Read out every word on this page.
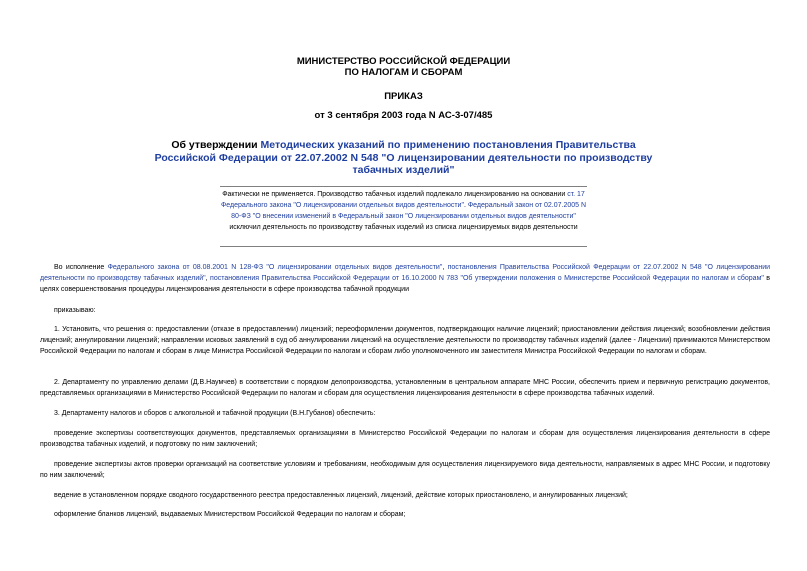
МИНИСТЕРСТВО РОССИЙСКОЙ ФЕДЕРАЦИИ
ПО НАЛОГАМ И СБОРАМ
ПРИКАЗ
от 3 сентября 2003 года N АС-3-07/485
Об утверждении Методических указаний по применению постановления Правительства Российской Федерации от 22.07.2002 N 548 "О лицензировании деятельности по производству табачных изделий"
Фактически не применяется. Производство табачных изделий подлежало лицензированию на основании ст. 17 Федерального закона "О лицензировании отдельных видов деятельности". Федеральный закон от 02.07.2005 N 80-ФЗ "О внесении изменений в Федеральный закон "О лицензировании отдельных видов деятельности" исключил деятельность по производству табачных изделий из списка лицензируемых видов деятельности
Во исполнение Федерального закона от 08.08.2001 N 128-ФЗ "О лицензировании отдельных видов деятельности", постановления Правительства Российской Федерации от 22.07.2002 N 548 "О лицензировании деятельности по производству табачных изделий", постановления Правительства Российской Федерации от 16.10.2000 N 783 "Об утверждении положения о Министерстве Российской Федерации по налогам и сборам" в целях совершенствования процедуры лицензирования деятельности в сфере производства табачной продукции
приказываю:
1. Установить, что решения о: предоставлении (отказе в предоставлении) лицензий; переоформлении документов, подтверждающих наличие лицензий; приостановлении действия лицензий; возобновлении действия лицензий; аннулировании лицензий; направлении исковых заявлений в суд об аннулировании лицензий на осуществление деятельности по производству табачных изделий (далее - Лицензии) принимаются Министерством Российской Федерации по налогам и сборам в лице Министра Российской Федерации по налогам и сборам либо уполномоченного им заместителя Министра Российской Федерации по налогам и сборам.
2. Департаменту по управлению делами (Д.В.Наумчев) в соответствии с порядком делопроизводства, установленным в центральном аппарате МНС России, обеспечить прием и первичную регистрацию документов, представляемых организациями в Министерство Российской Федерации по налогам и сборам для осуществления лицензирования деятельности в сфере производства табачных изделий.
3. Департаменту налогов и сборов с алкогольной и табачной продукции (В.Н.Губанов) обеспечить:
проведение экспертизы соответствующих документов, представляемых организациями в Министерство Российской Федерации по налогам и сборам для осуществления лицензирования деятельности в сфере производства табачных изделий, и подготовку по ним заключений;
проведение экспертизы актов проверки организаций на соответствие условиям и требованиям, необходимым для осуществления лицензируемого вида деятельности, направляемых в адрес МНС России, и подготовку по ним заключений;
ведение в установленном порядке сводного государственного реестра предоставленных лицензий, лицензий, действие которых приостановлено, и аннулированных лицензий;
оформление бланков лицензий, выдаваемых Министерством Российской Федерации по налогам и сборам;
